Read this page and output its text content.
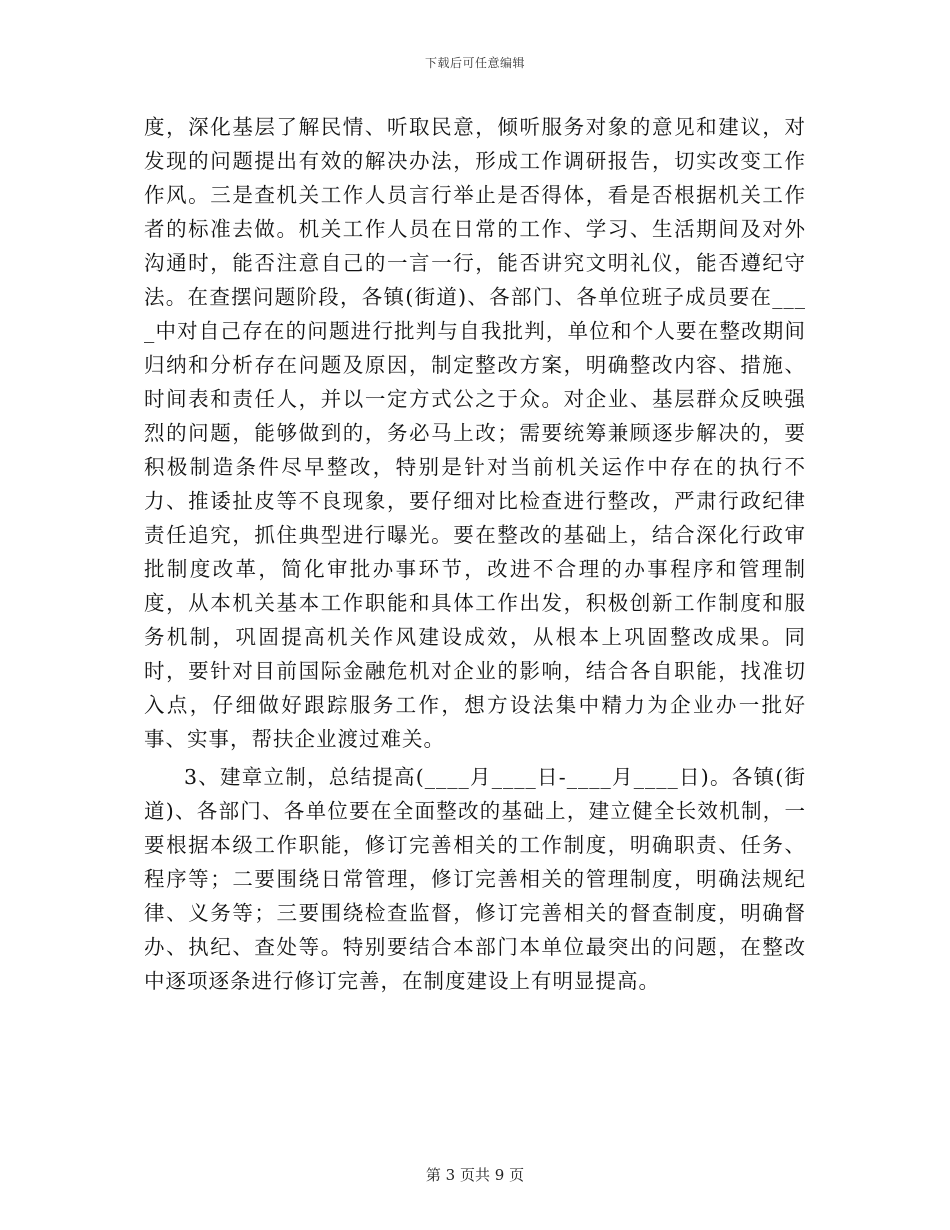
下载后可任意编辑

度，深化基层了解民情、听取民意，倾听服务对象的意见和建议，对发现的问题提出有效的解决办法，形成工作调研报告，切实改变工作作风。三是查机关工作人员言行举止是否得体，看是否根据机关工作者的标准去做。机关工作人员在日常的工作、学习、生活期间及对外沟通时，能否注意自己的一言一行，能否讲究文明礼仪，能否遵纪守法。在查摆问题阶段，各镇(街道)、各部门、各单位班子成员要在____中对自己存在的问题进行批判与自我批判，单位和个人要在整改期间归纳和分析存在问题及原因，制定整改方案，明确整改内容、措施、时间表和责任人，并以一定方式公之于众。对企业、基层群众反映强烈的问题，能够做到的，务必马上改；需要统筹兼顾逐步解决的，要积极制造条件尽早整改，特别是针对当前机关运作中存在的执行不力、推诿扯皮等不良现象，要仔细对比检查进行整改，严肃行政纪律责任追究，抓住典型进行曝光。要在整改的基础上，结合深化行政审批制度改革，简化审批办事环节，改进不合理的办事程序和管理制度，从本机关基本工作职能和具体工作出发，积极创新工作制度和服务机制，巩固提高机关作风建设成效，从根本上巩固整改成果。同时，要针对目前国际金融危机对企业的影响，结合各自职能，找准切入点，仔细做好跟踪服务工作，想方设法集中精力为企业办一批好事、实事，帮扶企业渡过难关。

3、建章立制，总结提高(____月____日-____月____日)。各镇(街道)、各部门、各单位要在全面整改的基础上，建立健全长效机制，一要根据本级工作职能，修订完善相关的工作制度，明确职责、任务、程序等；二要围绕日常管理，修订完善相关的管理制度，明确法规纪律、义务等；三要围绕检查监督，修订完善相关的督查制度，明确督办、执纪、查处等。特别要结合本部门本单位最突出的问题，在整改中逐项逐条进行修订完善，在制度建设上有明显提高。

第 3 页共 9 页
